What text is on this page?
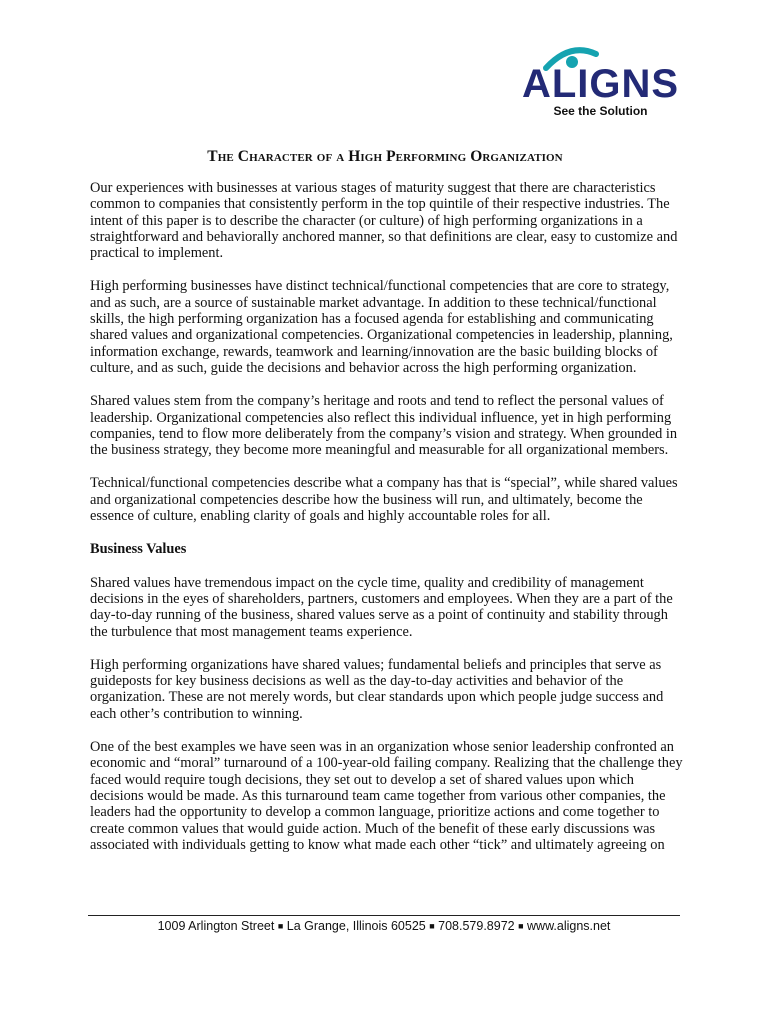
ALIGNS
See the Solution
The Character of a High Performing Organization

Our experiences with businesses at various stages of maturity suggest that there are characteristics common to companies that consistently perform in the top quintile of their respective industries. The intent of this paper is to describe the character (or culture) of high performing organizations in a straightforward and behaviorally anchored manner, so that definitions are clear, easy to customize and practical to implement.

High performing businesses have distinct technical/functional competencies that are core to strategy, and as such, are a source of sustainable market advantage. In addition to these technical/functional skills, the high performing organization has a focused agenda for establishing and communicating shared values and organizational competencies. Organizational competencies in leadership, planning, information exchange, rewards, teamwork and learning/innovation are the basic building blocks of culture, and as such, guide the decisions and behavior across the high performing organization.

Shared values stem from the company’s heritage and roots and tend to reflect the personal values of leadership. Organizational competencies also reflect this individual influence, yet in high performing companies, tend to flow more deliberately from the company’s vision and strategy. When grounded in the business strategy, they become more meaningful and measurable for all organizational members.

Technical/functional competencies describe what a company has that is “special”, while shared values and organizational competencies describe how the business will run, and ultimately, become the essence of culture, enabling clarity of goals and highly accountable roles for all.

Business Values

Shared values have tremendous impact on the cycle time, quality and credibility of management decisions in the eyes of shareholders, partners, customers and employees. When they are a part of the day-to-day running of the business, shared values serve as a point of continuity and stability through the turbulence that most management teams experience.

High performing organizations have shared values; fundamental beliefs and principles that serve as guideposts for key business decisions as well as the day-to-day activities and behavior of the organization. These are not merely words, but clear standards upon which people judge success and each other’s contribution to winning.

One of the best examples we have seen was in an organization whose senior leadership confronted an economic and “moral” turnaround of a 100-year-old failing company. Realizing that the challenge they faced would require tough decisions, they set out to develop a set of shared values upon which decisions would be made. As this turnaround team came together from various other companies, the leaders had the opportunity to develop a common language, prioritize actions and come together to create common values that would guide action. Much of the benefit of these early discussions was associated with individuals getting to know what made each other “tick” and ultimately agreeing on

1009 Arlington Street ■ La Grange, Illinois 60525 ■ 708.579.8972 ■ www.aligns.net
